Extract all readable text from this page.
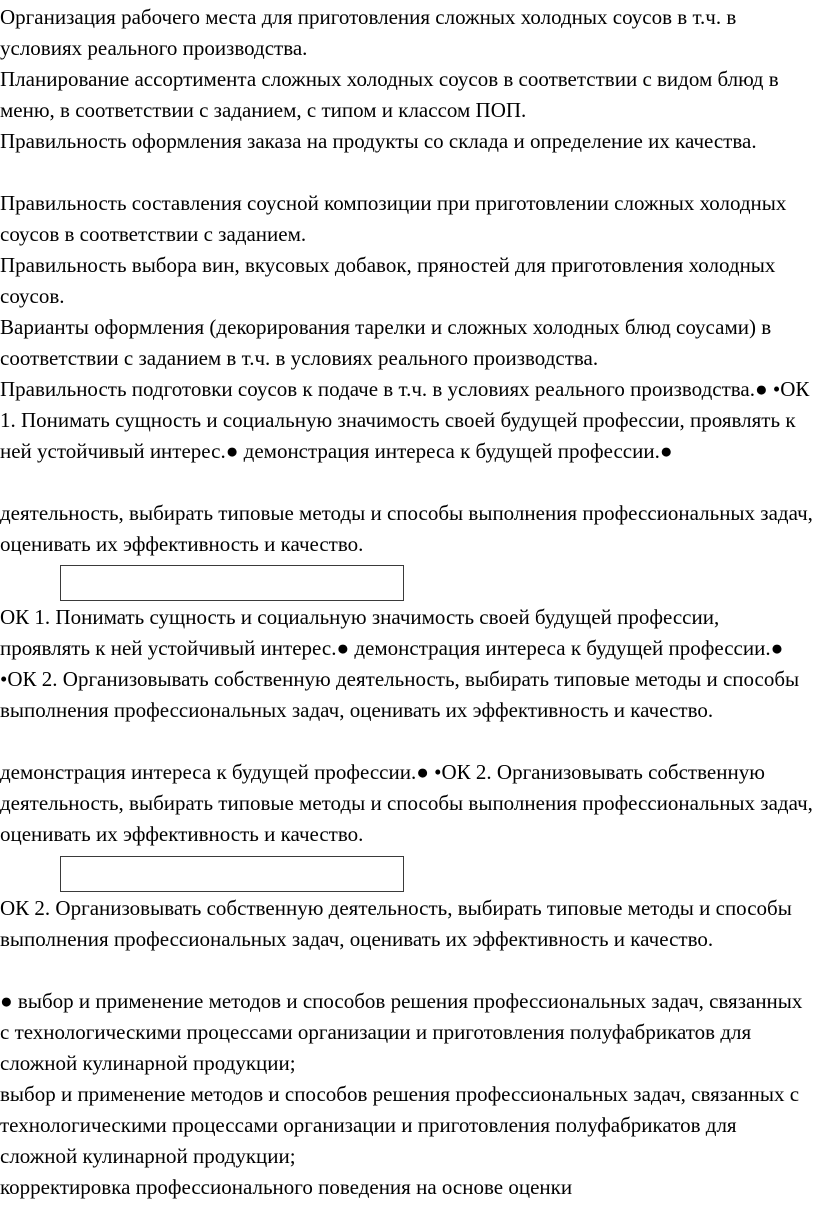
Организация рабочего места для приготовления сложных холодных соусов в т.ч. в условиях реального производства.

Планирование ассортимента сложных холодных соусов в соответствии с видом блюд в меню, в соответствии с заданием, с типом и классом ПОП.

Правильность оформления заказа на продукты со склада и определение их качества.

Правильность составления соусной композиции при приготовлении сложных холодных соусов в соответствии с заданием.

Правильность выбора вин, вкусовых добавок, пряностей для приготовления холодных соусов.

Варианты оформления (декорирования тарелки и сложных холодных блюд соусами) в соответствии с заданием в т.ч. в условиях реального производства.

Правильность подготовки соусов к подаче в т.ч. в условиях реального производства.● •ОК 1. Понимать сущность и социальную значимость своей будущей профессии, проявлять к ней устойчивый интерес.● демонстрация интереса к будущей профессии.●

деятельность, выбирать типовые методы и способы выполнения профессиональных задач, оценивать их эффективность и качество.

ОК 1. Понимать сущность и социальную значимость своей будущей профессии, проявлять к ней устойчивый интерес.● демонстрация интереса к будущей профессии.● •ОК 2. Организовывать собственную деятельность, выбирать типовые методы и способы выполнения профессиональных задач, оценивать их эффективность и качество.

демонстрация интереса к будущей профессии.● •ОК 2. Организовывать собственную деятельность, выбирать типовые методы и способы выполнения профессиональных задач, оценивать их эффективность и качество.

ОК 2. Организовывать собственную деятельность, выбирать типовые методы и способы выполнения профессиональных задач, оценивать их эффективность и качество.

● выбор и применение методов и способов решения профессиональных задач, связанных с технологическими процессами организации и приготовления полуфабрикатов для сложной кулинарной продукции;

выбор и применение методов и способов решения профессиональных задач, связанных с технологическими процессами организации и приготовления полуфабрикатов для сложной кулинарной продукции;

корректировка профессионального поведения на основе оценки
